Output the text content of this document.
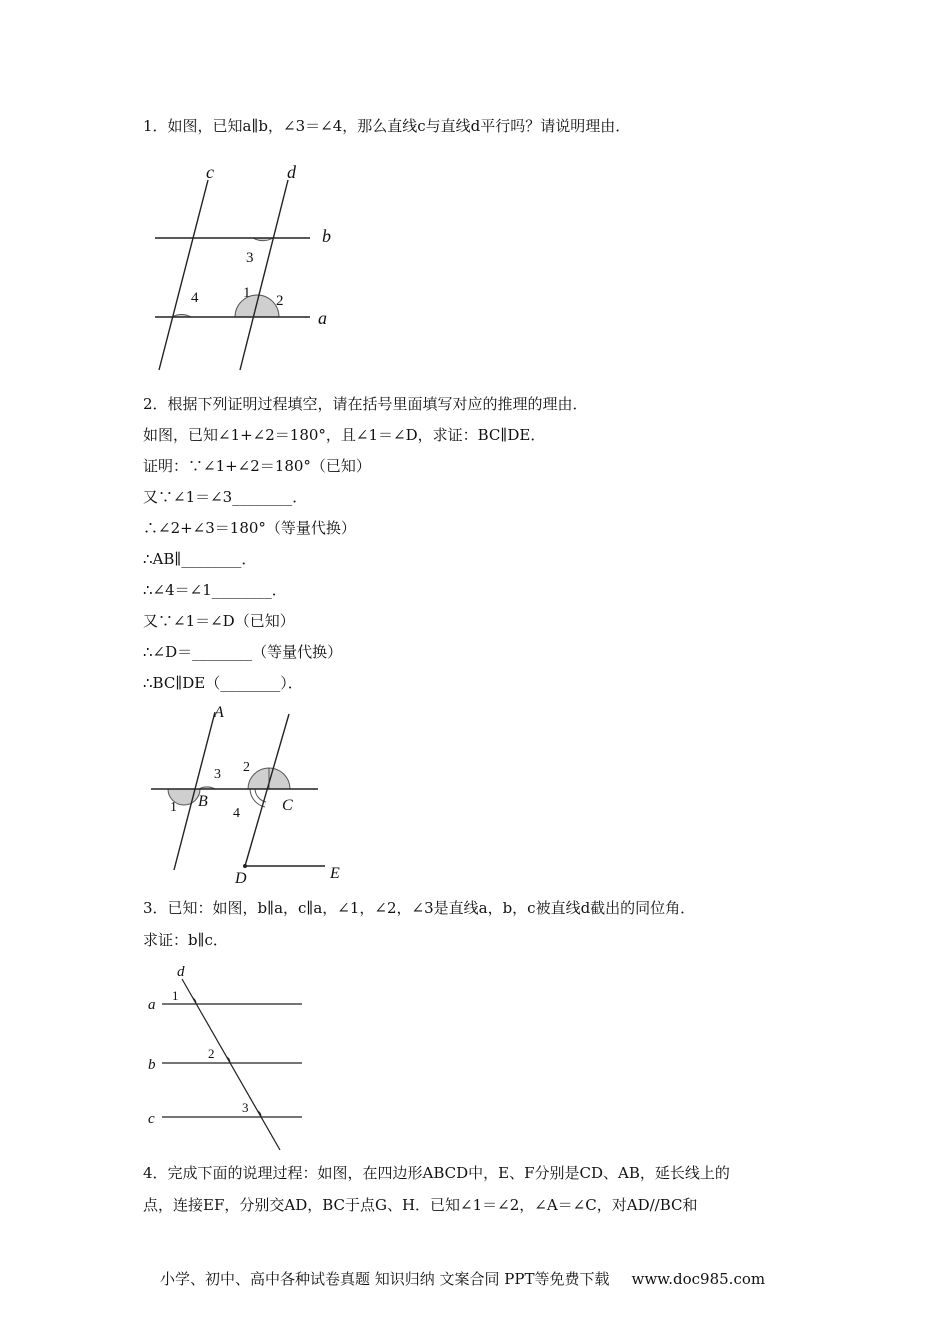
1．如图，已知a∥b，∠3＝∠4，那么直线c与直线d平行吗？请说明理由．
c	d
b
a
3
4	1 2
2．根据下列证明过程填空，请在括号里面填写对应的推理的理由．
如图，已知∠1+∠2＝180°，且∠1＝∠D，求证：BC∥DE．
证明：∵∠1+∠2＝180°（已知）
又∵∠1＝∠3________．
∴∠2+∠3＝180°（等量代换）
∴AB∥________．
∴∠4＝∠1________．
又∵∠1＝∠D（已知）
∴∠D＝________（等量代换）
∴BC∥DE（________）．
A
3 2
1 B
4	C
D	E
3．已知：如图，b∥a，c∥a，∠1，∠2，∠3是直线a，b，c被直线d截出的同位角．
求证：b∥c．
d
a
b
c
1
2
3
4．完成下面的说理过程：如图，在四边形ABCD中，E、F分别是CD、AB，延长线上的
点，连接EF，分别交AD，BC于点G、H．已知∠1＝∠2，∠A＝∠C，对AD//BC和
小学、初中、高中各种试卷真题 知识归纳 文案合同 PPT等免费下载 www.doc985.com
